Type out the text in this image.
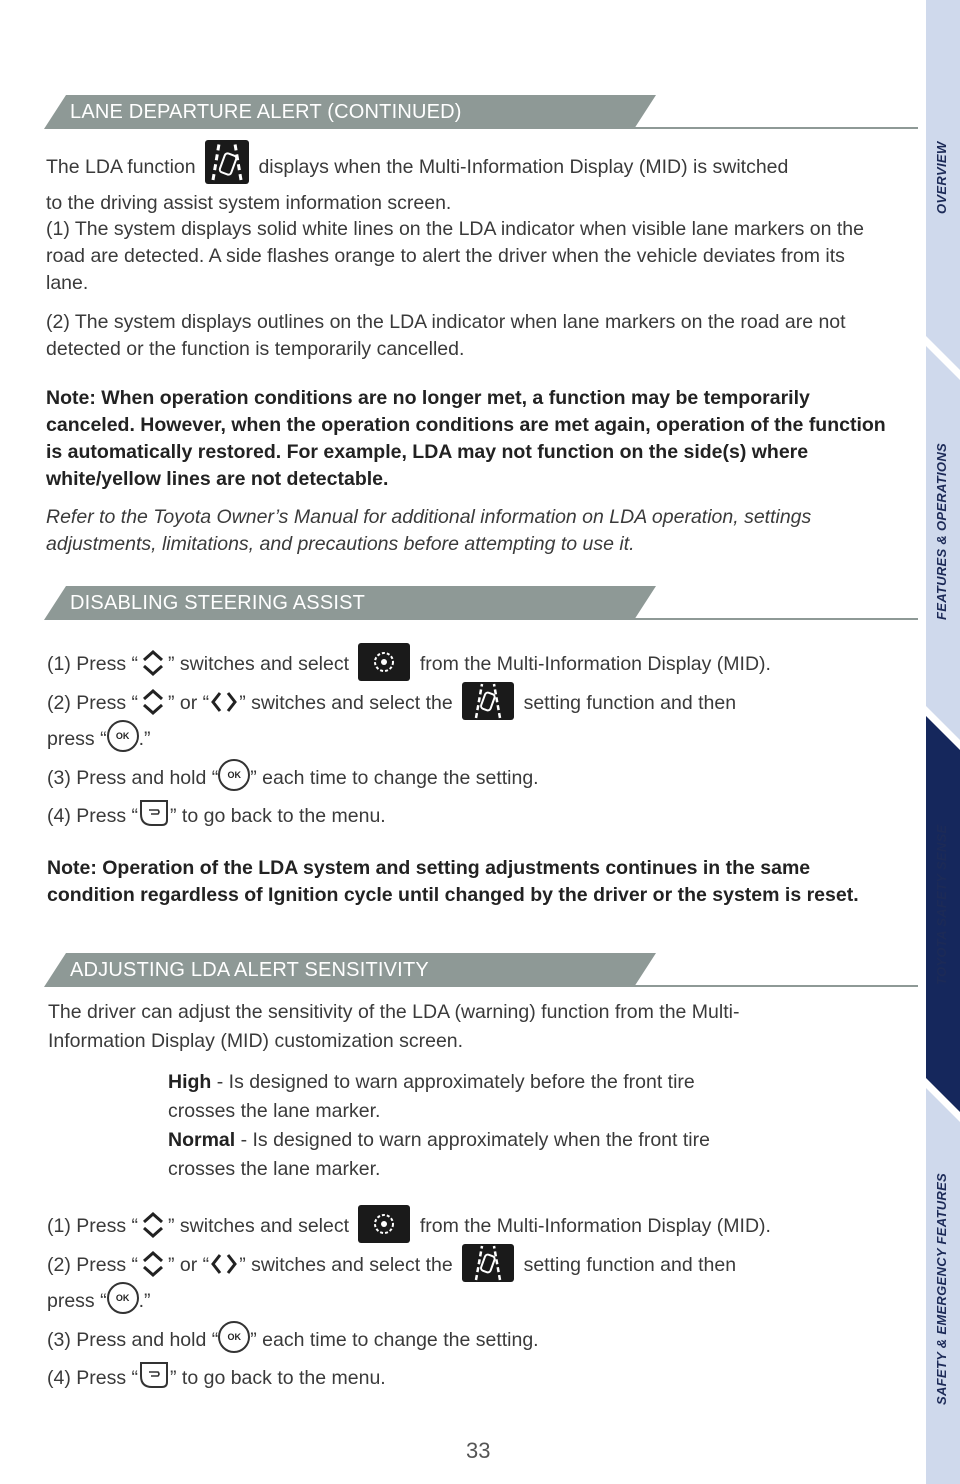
LANE DEPARTURE ALERT (CONTINUED)
The LDA function	displays when the Multi-Information Display (MID) is switched
to the driving assist system information screen.

(1) The system displays solid white lines on the LDA indicator when visible lane markers on the road are detected. A side flashes orange to alert the driver when the vehicle deviates from its lane.

(2) The system displays outlines on the LDA indicator when lane markers on the road are not detected or the function is temporarily cancelled.

Note: When operation conditions are no longer met, a function may be temporarily canceled. However, when the operation conditions are met again, operation of the function is automatically restored. For example, LDA may not function on the side(s) where white/yellow lines are not detectable.

Refer to the Toyota Owner’s Manual for additional information on LDA operation, settings adjustments, limitations, and precautions before attempting to use it.

DISABLING STEERING ASSIST
(1) Press “ ” switches and select	from the Multi-Information Display (MID).
(2) Press “ ” or “ ” switches and select the	setting function and then
press “ OK .”
(3) Press and hold “ OK ” each time to change the setting.
(4) Press “ ” to go back to the menu.

Note: Operation of the LDA system and setting adjustments continues in the same condition regardless of Ignition cycle until changed by the driver or the system is reset.

ADJUSTING LDA ALERT SENSITIVITY

The driver can adjust the sensitivity of the LDA (warning) function from the Multi-Information Display (MID) customization screen.

High - Is designed to warn approximately before the front tire crosses the lane marker.
Normal - Is designed to warn approximately when the front tire crosses the lane marker.
(1) Press “ ” switches and select	from the Multi-Information Display (MID).
(2) Press “ ” or “ ” switches and select the	setting function and then
press “ OK .”
(3) Press and hold “ OK ” each time to change the setting.
(4) Press “ ” to go back to the menu.
33
OVERVIEW
FEATURES & OPERATIONS
TOYOTA SAFETY SENSE
SAFETY & EMERGENCY FEATURES
